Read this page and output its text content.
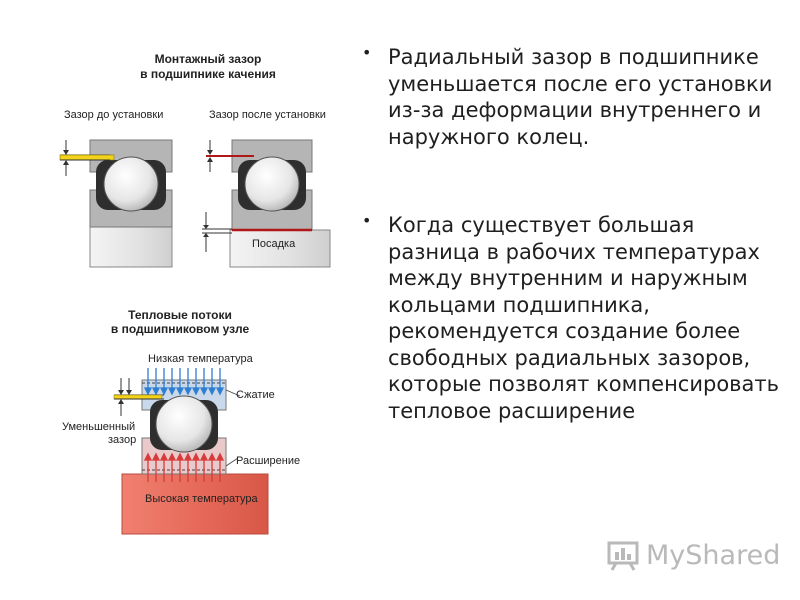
Монтажный зазор
в подшипнике качения
Зазор до установки	Зазор после установки
Посадка
Тепловые потоки
в подшипниковом узле
Низкая температура
Сжатие
Уменьшенный
зазор
Расширение
Высокая температура
• Радиальный зазор в подшипнике уменьшается после его установки из-за деформации внутреннего и наружного колец.
• Когда существует большая разница в рабочих температурах между внутренним и наружным кольцами подшипника, рекомендуется создание более свободных радиальных зазоров, которые позволят компенсировать тепловое расширение
MyShared
